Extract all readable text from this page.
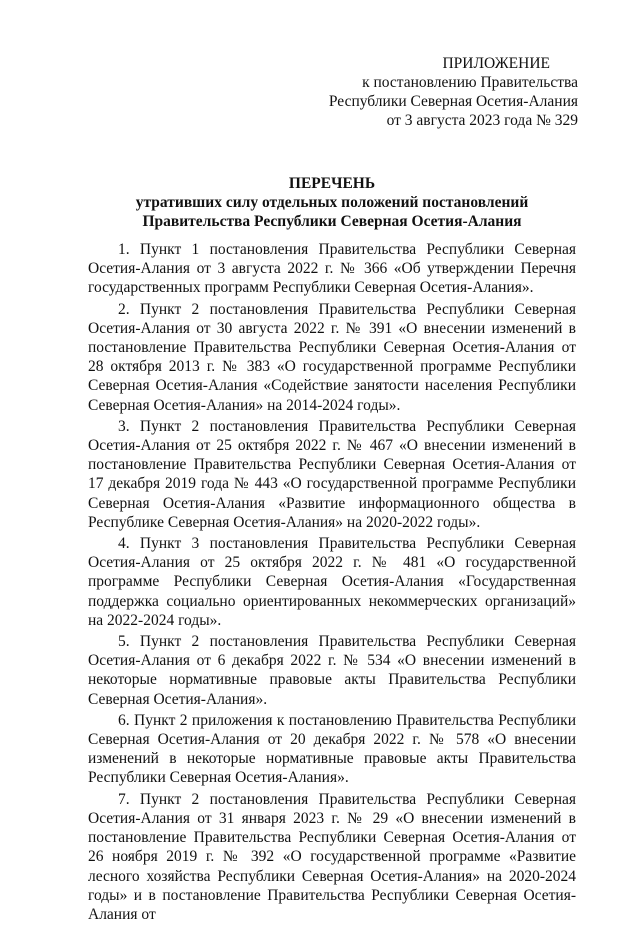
ПРИЛОЖЕНИЕ
к постановлению Правительства
Республики Северная Осетия-Алания
от 3 августа 2023 года № 329
ПЕРЕЧЕНЬ
утративших силу отдельных положений постановлений
Правительства Республики Северная Осетия-Алания

1. Пункт 1 постановления Правительства Республики Северная Осетия-Алания от 3 августа 2022 г. № 366 «Об утверждении Перечня государственных программ Республики Северная Осетия-Алания».

2. Пункт 2 постановления Правительства Республики Северная Осетия-Алания от 30 августа 2022 г. № 391 «О внесении изменений в постановление Правительства Республики Северная Осетия-Алания от 28 октября 2013 г. № 383 «О государственной программе Республики Северная Осетия-Алания «Содействие занятости населения Республики Северная Осетия-Алания» на 2014-2024 годы».

3. Пункт 2 постановления Правительства Республики Северная Осетия-Алания от 25 октября 2022 г. № 467 «О внесении изменений в постановление Правительства Республики Северная Осетия-Алания от 17 декабря 2019 года № 443 «О государственной программе Республики Северная Осетия-Алания «Развитие информационного общества в Республике Северная Осетия-Алания» на 2020-2022 годы».

4. Пункт 3 постановления Правительства Республики Северная Осетия-Алания от 25 октября 2022 г. № 481 «О государственной программе Республики Северная Осетия-Алания «Государственная поддержка социально ориентированных некоммерческих организаций» на 2022-2024 годы».

5. Пункт 2 постановления Правительства Республики Северная Осетия-Алания от 6 декабря 2022 г. № 534 «О внесении изменений в некоторые нормативные правовые акты Правительства Республики Северная Осетия-Алания».

6. Пункт 2 приложения к постановлению Правительства Республики Северная Осетия-Алания от 20 декабря 2022 г. № 578 «О внесении изменений в некоторые нормативные правовые акты Правительства Республики Северная Осетия-Алания».

7. Пункт 2 постановления Правительства Республики Северная Осетия-Алания от 31 января 2023 г. № 29 «О внесении изменений в постановление Правительства Республики Северная Осетия-Алания от 26 ноября 2019 г. № 392 «О государственной программе «Развитие лесного хозяйства Республики Северная Осетия-Алания» на 2020-2024 годы» и в постановление Правительства Республики Северная Осетия-Алания от
